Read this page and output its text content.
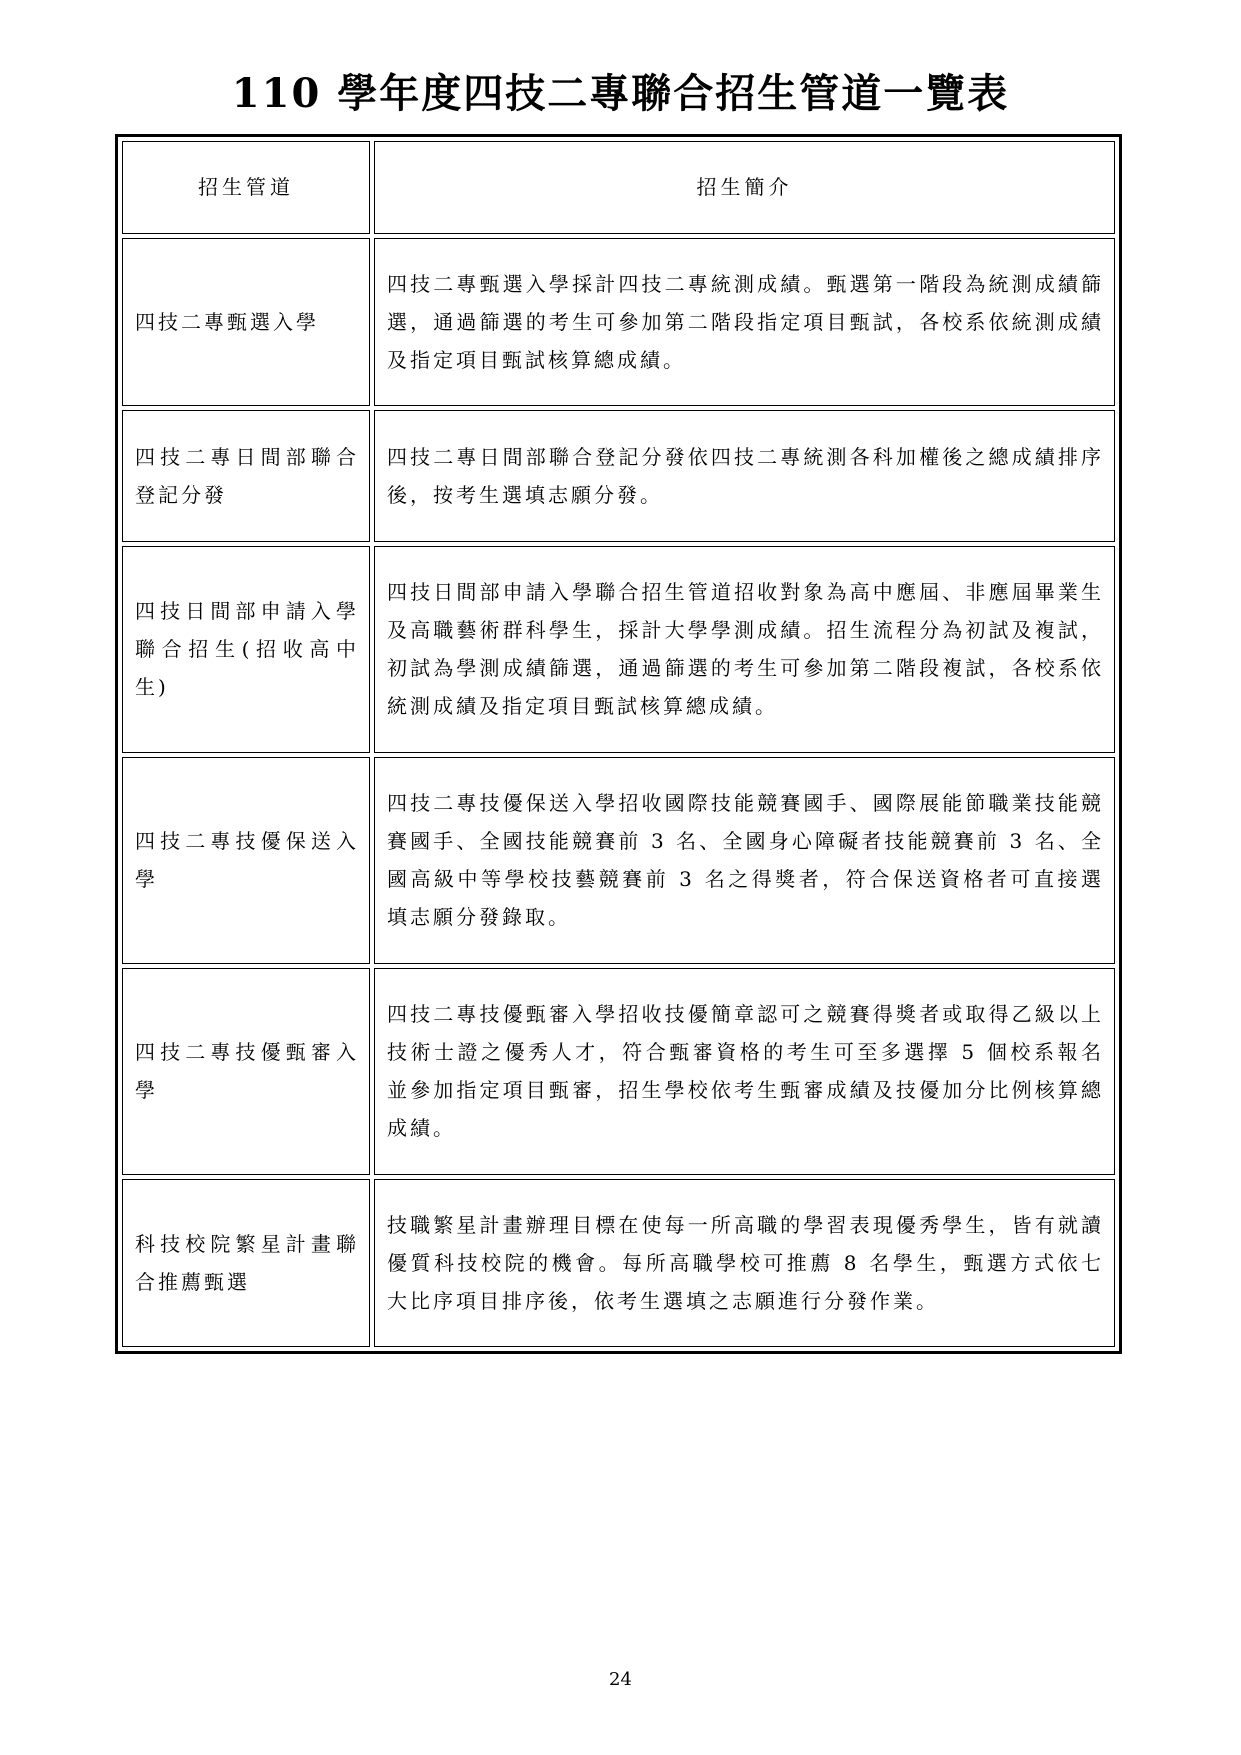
110 學年度四技二專聯合招生管道一覽表
招生管道	招生簡介
四技二專甄選入學	四技二專甄選入學採計四技二專統測成績。甄選第一階段為統測成績篩選，通過篩選的考生可參加第二階段指定項目甄試，各校系依統測成績及指定項目甄試核算總成績。
四技二專日間部聯合登記分發	四技二專日間部聯合登記分發依四技二專統測各科加權後之總成績排序後，按考生選填志願分發。
四技日間部申請入學聯合招生(招收高中生)	四技日間部申請入學聯合招生管道招收對象為高中應屆、非應屆畢業生及高職藝術群科學生，採計大學學測成績。招生流程分為初試及複試，初試為學測成績篩選，通過篩選的考生可參加第二階段複試，各校系依統測成績及指定項目甄試核算總成績。
四技二專技優保送入學	四技二專技優保送入學招收國際技能競賽國手、國際展能節職業技能競賽國手、全國技能競賽前 3 名、全國身心障礙者技能競賽前 3 名、全國高級中等學校技藝競賽前 3 名之得獎者，符合保送資格者可直接選填志願分發錄取。
四技二專技優甄審入學	四技二專技優甄審入學招收技優簡章認可之競賽得獎者或取得乙級以上技術士證之優秀人才，符合甄審資格的考生可至多選擇 5 個校系報名並參加指定項目甄審，招生學校依考生甄審成績及技優加分比例核算總成績。
科技校院繁星計畫聯合推薦甄選	技職繁星計畫辦理目標在使每一所高職的學習表現優秀學生，皆有就讀優質科技校院的機會。每所高職學校可推薦 8 名學生，甄選方式依七大比序項目排序後，依考生選填之志願進行分發作業。
24
